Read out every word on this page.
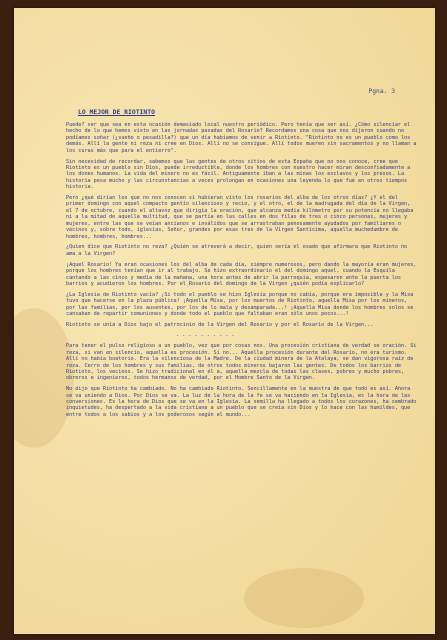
Pgna. 3
LO MEJOR DE RIOTINTO

Puede? ser que sea en esta ocasión demasiado local nuestro periódico. Pero tenía que ser así. ¿Cómo silenciar el hecho de lo que hemos visto en las jornadas pasadas del Rosario? Recordamos una cosa que nos dijeron cuando no podíamos soñar (¿sueño o pesadilla?) que un día habíamos de venir a Riotinto. "Riotinto no es un pueblo como los demás. Allí la gente ni reza ni cree en Dios. Allí no se consigue. Allí todos mueren sin sacramentos y no llaman a los curas más que para el entierro".

Sin necesidad de recordar, sabemos que las gentes de otros sitios de esta España que no nos conoce, cree que Riotinto es un pueblo sin Dios, puede irreductible, donde los hombres con nuestro hacer miran desconfiadamente a los dones humanos. La vida del minero no es fácil. Antiguamente iban a las minas los esclavos y los presos. La historia pesa mucho y las circunstancias a veces prolongan en ocasiones una leyenda lo que fué en otros tiempos historia.

Pero ¿qué dirían los que no nos conocen si hubieran visto los rosarios del alba de los otros días? ¿Y el del primer domingo con aquel compacto gentío silencioso y recio, y el otro, el de la madrugada del día de la Virgen, el 7 de octubre, cuando el altavoz que dirigía la oración, que alcanza media kilómetro por su potencia no llegaba ni a la mitad de aquella multitud, que se partía en las calles en dos filas de tres o cinco personas, mujeres y mujeres, entre las que se veían ancianos e inválidos que se arrastraban penosamente ayudados por familiares o vecinos y, sobre todo, iglesias, Señor, grandes por esas tres de la Virgen Santísima, aquella muchedumbre de hombres, hombres, hombres...

¿Quien dice que Riotinto no reza? ¿Quién se atreverá a decir, quien sería el osado que afirmara que Riotinto no ama a la Virgen?

¡Aquel Rosario! Ya eran ocasiones los del alba de cada día, siempre numerosos, pero dando la mayoría eran mujeres, porque los hombres tenían que ir al trabajo. Se hizo extraordinario el del domingo aquel, cuando la Esquila cantando a las cinco y media de la mañana, una hora antes de abrir la parroquia, espesaron ante la puerta los barrios y acudieron los hombres. Por el Rosario del domingo de la Virgen ¿quién podía explicarlo?

¿La Iglesia de Riotinto vacía? ¡Si todo el pueblo se hizo Iglesia porque no cabía, porque era imposible y la Misa tuvo que hacerse en la plaza pública! ¡Aquella Misa, por los muertos de Riotinto, aquella Misa por los mineros, por las familias, por los ausentes, por los de lo mala y desamparada...! ¡Aquella Misa donde los hombres solos se cansaban de repartir comuniones y donde todo el pueblo que faltaban eran sólo unos pocos...!

Riotinto se unía a Dios bajo el patrocinio de la Virgen del Rosario y por el Rosario de la Virgen...

- - - - - - - - - -

Para tener el pulso religioso a un pueblo, vez que por cosas nos. Una procesión cristiana de verdad se oración. Si reza, si van en silencio, aquella es procesión. Si no... Aquella procesión durante del Rosario, no era turismo. Allí no había boatorio. Era la silenciosa de la Madre. De la ciudad minera de la Atalaya, se dan vigorosa raíz de reza. Cerro de los hombres y sus familias, de otros todos mineros bajaron las gentes. De todos los barrios de Riotinto, los vecinos. Se hizo tradicional en él a, aquella mezcla de todas las clases, pobres y mucho pobres, obreros e ingenieros, todos hermanos de verdad, por el Hombre Santo de la Virgen.

No dijo que Riotinto ha cambiado. No ha cambiado Riotinto. Sencillamente en la muestra de que todo es así. Ahora se va uniendo a Dios. Por Dios se va. La luz de la hora de la fe se va haciendo en la Iglesia, es la hora de las conversiones. Es la hora de Dios que se va en la Iglesia. La semilla ha llegado a todos los corazones, ha sembrado inquietudes, ha despertado a la vida cristiana a un pueblo que se creía sin Dios y lo hace con las humildes, que entre todos a los sabios y a los poderosos según el mundo...
